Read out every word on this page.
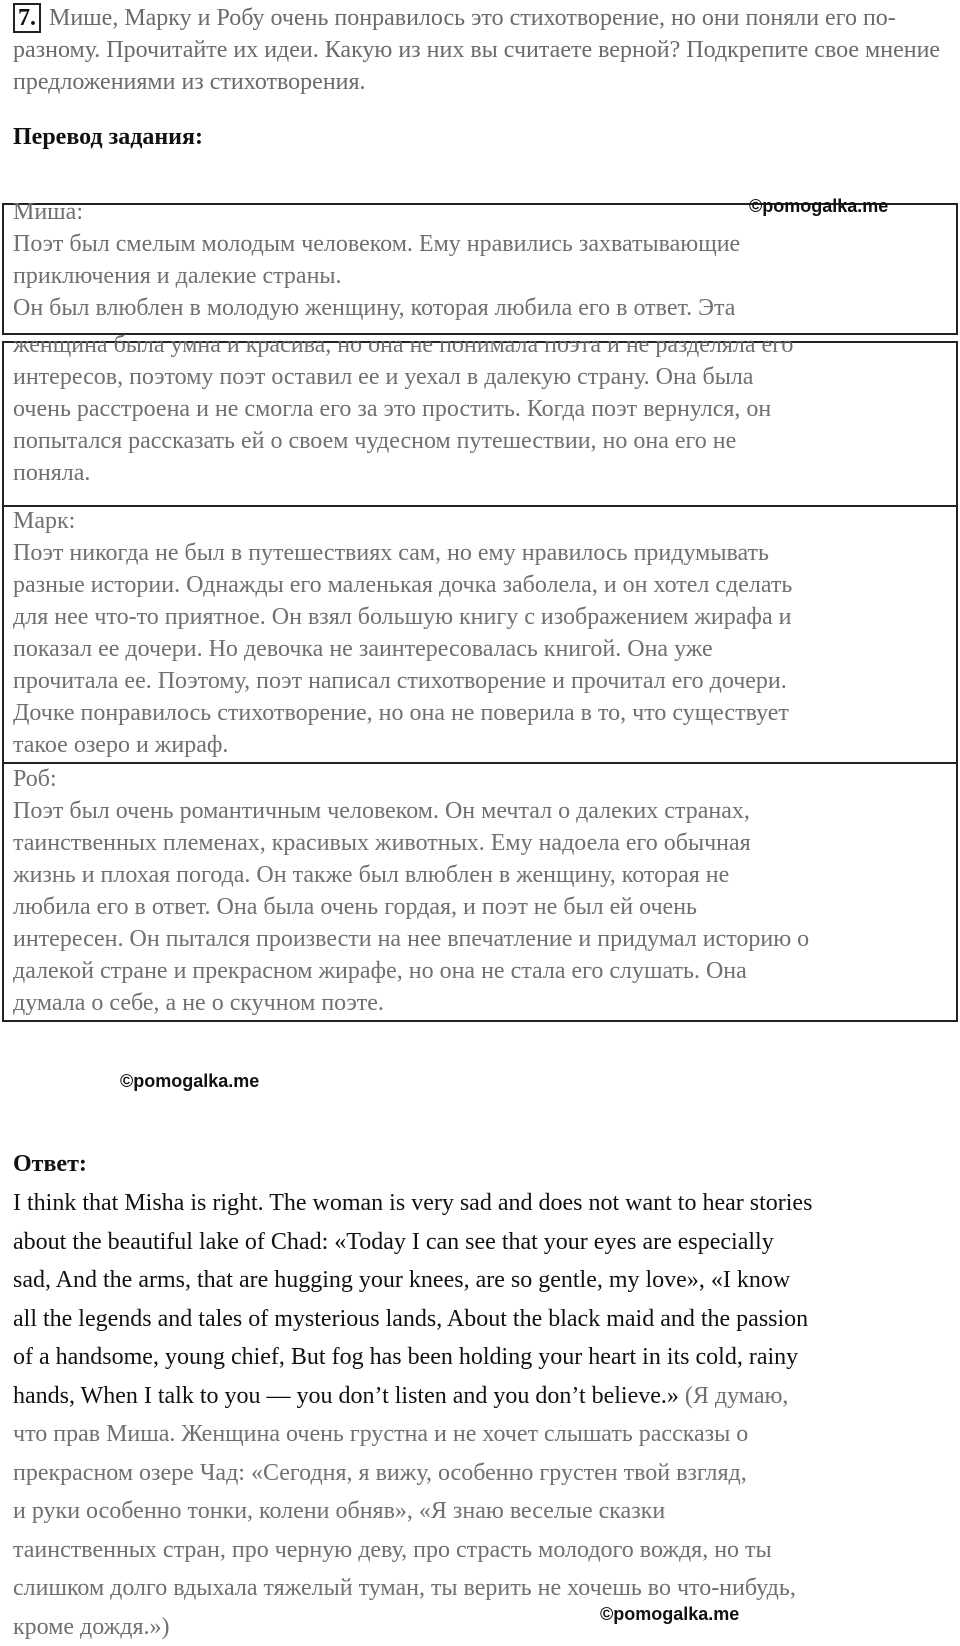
7. Мише, Марку и Робу очень понравилось это стихотворение, но они поняли его по-разному. Прочитайте их идеи. Какую из них вы считаете верной? Подкрепите свое мнение предложениями из стихотворения.
Перевод задания:
©pomogalka.me

Миша:

Поэт был смелым молодым человеком. Ему нравились захватывающие

приключения и далекие страны.

Он был влюблен в молодую женщину, которая любила его в ответ. Эта

женщина была умна и красива, но она не понимала поэта и не разделяла его

интересов, поэтому поэт оставил ее и уехал в далекую страну. Она была

очень расстроена и не смогла его за это простить. Когда поэт вернулся, он

попытался рассказать ей о своем чудесном путешествии, но она его не

поняла.

Марк:

Поэт никогда не был в путешествиях сам, но ему нравилось придумывать

разные истории. Однажды его маленькая дочка заболела, и он хотел сделать

для нее что-то приятное. Он взял большую книгу с изображением жирафа и

показал ее дочери. Но девочка не заинтересовалась книгой. Она уже

прочитала ее. Поэтому, поэт написал стихотворение и прочитал его дочери.

Дочке понравилось стихотворение, но она не поверила в то, что существует

такое озеро и жираф.

Роб:

Поэт был очень романтичным человеком. Он мечтал о далеких странах,

таинственных племенах, красивых животных. Ему надоела его обычная

жизнь и плохая погода. Он также был влюблен в женщину, которая не

любила его в ответ. Она была очень гордая, и поэт не был ей очень

интересен. Он пытался произвести на нее впечатление и придумал историю о

далекой стране и прекрасном жирафе, но она не стала его слушать. Она

думала о себе, а не о скучном поэте.

©pomogalka.me
Ответ:

I think that Misha is right. The woman is very sad and does not want to hear stories

about the beautiful lake of Chad: «Today I can see that your eyes are especially

sad, And the arms, that are hugging your knees, are so gentle, my love», «I know

all the legends and tales of mysterious lands, About the black maid and the passion

of a handsome, young chief, But fog has been holding your heart in its cold, rainy

hands, When I talk to you — you don’t listen and you don’t believe.» (Я думаю,

что прав Миша. Женщина очень грустна и не хочет слышать рассказы о

прекрасном озере Чад: «Сегодня, я вижу, особенно грустен твой взгляд,

и руки особенно тонки, колени обняв», «Я знаю веселые сказки

таинственных стран, про черную деву, про страсть молодого вождя, но ты

слишком долго вдыхала тяжелый туман, ты верить не хочешь во что-нибудь,

кроме дождя.»)	©pomogalka.me
